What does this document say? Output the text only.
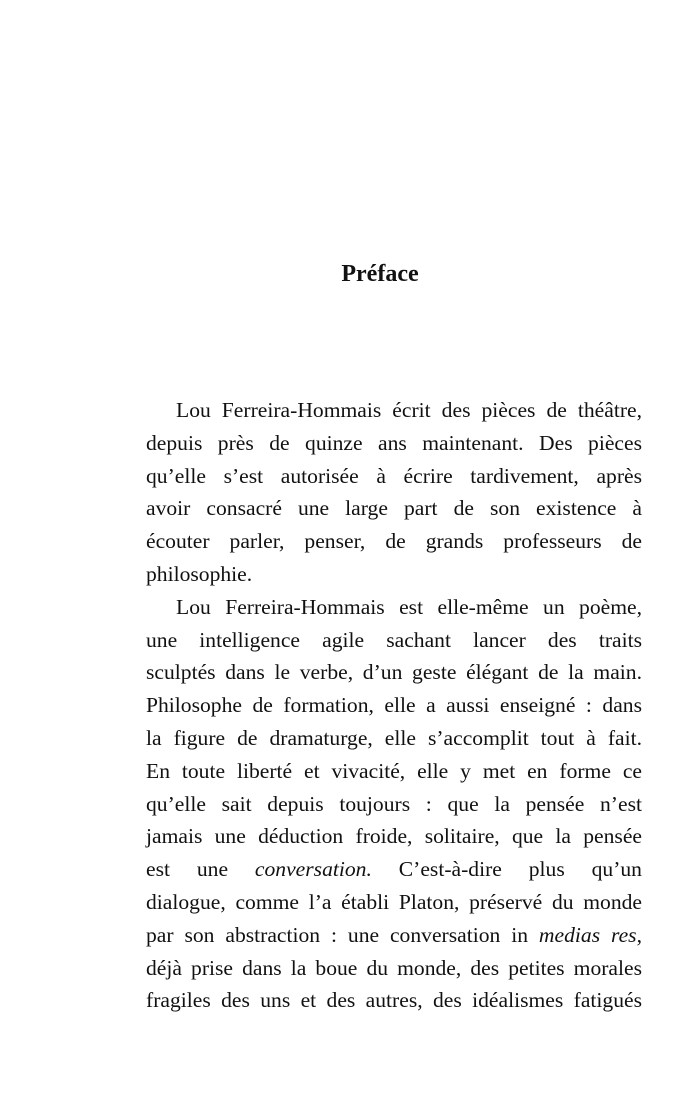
Préface
Lou Ferreira-Hommais écrit des pièces de théâtre,
depuis près de quinze ans maintenant. Des pièces
qu’elle s’est autorisée à écrire tardivement, après
avoir consacré une large part de son existence à
écouter parler, penser, de grands professeurs de
philosophie.
Lou Ferreira-Hommais est elle-même un poème,
une intelligence agile sachant lancer des traits
sculptés dans le verbe, d’un geste élégant de la main.
Philosophe de formation, elle a aussi enseigné : dans
la figure de dramaturge, elle s’accomplit tout à fait.
En toute liberté et vivacité, elle y met en forme ce
qu’elle sait depuis toujours : que la pensée n’est
jamais une déduction froide, solitaire, que la pensée
est une conversation. C’est-à-dire plus qu’un
dialogue, comme l’a établi Platon, préservé du monde
par son abstraction : une conversation in medias res,
déjà prise dans la boue du monde, des petites morales
fragiles des uns et des autres, des idéalismes fatigués
